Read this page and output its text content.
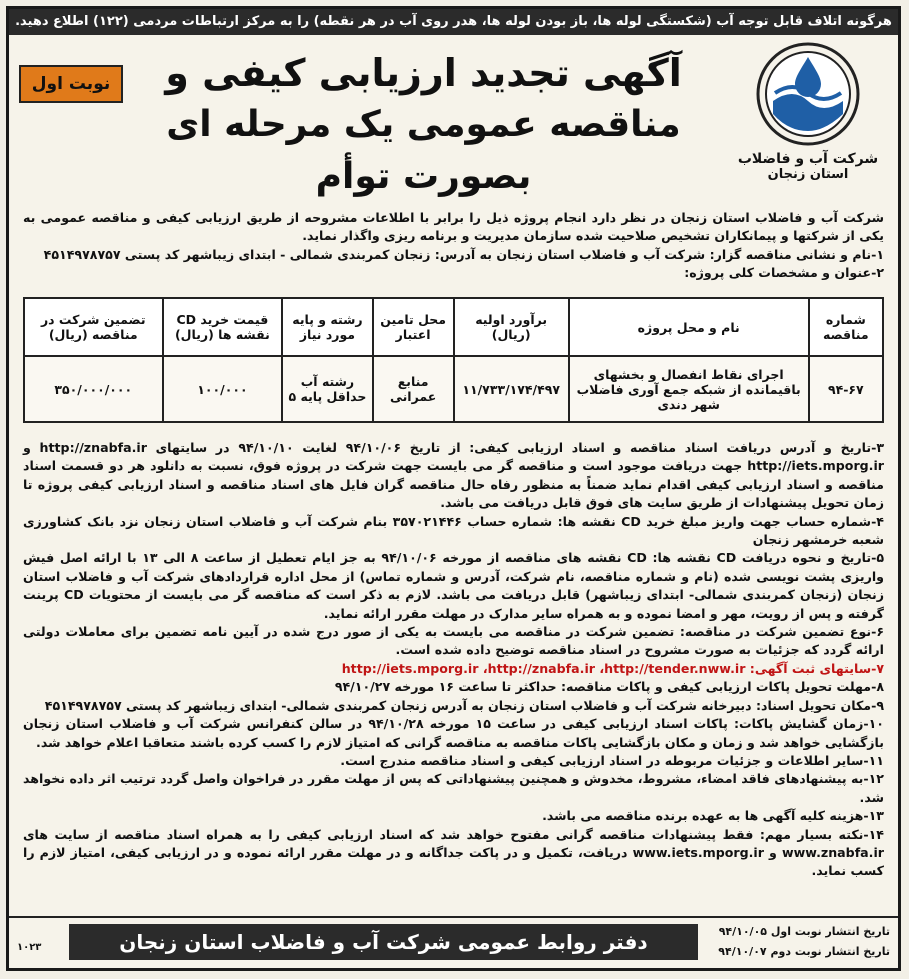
هرگونه اتلاف قابل توجه آب (شکستگی لوله ها، باز بودن لوله ها، هدر روی آب در هر نقطه) را به مرکز ارتباطات مردمی (۱۲۲) اطلاع دهید.
شرکت آب و فاضلاب
استان زنجان
نوبت اول	آگهی تجدید ارزیابی کیفی و
مناقصه عمومی یک مرحله ای بصورت توأم
شرکت آب و فاضلاب استان زنجان در نظر دارد انجام پروژه ذیل را برابر با اطلاعات مشروحه از طریق ارزیابی کیفی و مناقصه عمومی به یکی از شرکتها و پیمانکاران تشخیص صلاحیت شده سازمان مدیریت و برنامه ریزی واگذار نماید.
۱-نام و نشانی مناقصه گزار: شرکت آب و فاضلاب استان زنجان به آدرس: زنجان کمربندی شمالی - ابتدای زیباشهر کد پستی ۴۵۱۴۹۷۸۷۵۷
۲-عنوان و مشخصات کلی پروژه:
شماره مناقصه	نام و محل پروژه	برآورد اولیه (ریال)	محل تامین اعتبار	رشته و پایه مورد نیاز	قیمت خرید CD نقشه ها (ریال)	تضمین شرکت در مناقصه (ریال)
۹۴-۶۷	اجرای نقاط انفصال و بخشهای باقیمانده از شبکه جمع آوری فاضلاب شهر دندی	۱۱/۷۳۳/۱۷۴/۴۹۷	منابع عمرانی	رشته آب حداقل پایه ۵	۱۰۰/۰۰۰	۳۵۰/۰۰۰/۰۰۰

۳-تاریخ و آدرس دریافت اسناد مناقصه و اسناد ارزیابی کیفی: از تاریخ ۹۴/۱۰/۰۶ لغایت ۹۴/۱۰/۱۰ در سایتهای http://znabfa.ir و http://iets.mporg.ir جهت دریافت موجود است و مناقصه گر می بایست جهت شرکت در پروژه فوق، نسبت به دانلود هر دو قسمت اسناد مناقصه و اسناد ارزیابی کیفی اقدام نماید ضمناً به منظور رفاه حال مناقصه گران فایل های اسناد مناقصه و اسناد ارزیابی کیفی پروژه تا زمان تحویل پیشنهادات از طریق سایت های فوق قابل دریافت می باشد.

۴-شماره حساب جهت واریز مبلغ خرید CD نقشه ها: شماره حساب ۳۵۷۰۲۱۴۴۶ بنام شرکت آب و فاضلاب استان زنجان نزد بانک کشاورزی شعبه خرمشهر زنجان

۵-تاریخ و نحوه دریافت CD نقشه ها: CD نقشه های مناقصه از مورخه ۹۴/۱۰/۰۶ به جز ایام تعطیل از ساعت ۸ الی ۱۳ با ارائه اصل فیش واریزی پشت نویسی شده (نام و شماره مناقصه، نام شرکت، آدرس و شماره تماس) از محل اداره قراردادهای شرکت آب و فاضلاب استان زنجان (زنجان کمربندی شمالی- ابتدای زیباشهر) قابل دریافت می باشد. لازم به ذکر است که مناقصه گر می بایست از محتویات CD پرینت گرفته و پس از رویت، مهر و امضا نموده و به همراه سایر مدارک در مهلت مقرر ارائه نماید.

۶-نوع تضمین شرکت در مناقصه: تضمین شرکت در مناقصه می بایست به یکی از صور درج شده در آیین نامه تضمین برای معاملات دولتی ارائه گردد که جزئیات به صورت مشروح در اسناد مناقصه توضیح داده شده است.

۷-سایتهای ثبت آگهی: http://iets.mporg.ir ،http://znabfa.ir ،http://tender.nww.ir

۸-مهلت تحویل پاکات ارزیابی کیفی و پاکات مناقصه: حداکثر تا ساعت ۱۶ مورخه ۹۴/۱۰/۲۷

۹-مکان تحویل اسناد: دبیرخانه شرکت آب و فاضلاب استان زنجان به آدرس زنجان کمربندی شمالی- ابتدای زیباشهر کد پستی ۴۵۱۴۹۷۸۷۵۷

۱۰-زمان گشایش پاکات: پاکات اسناد ارزیابی کیفی در ساعت ۱۵ مورخه ۹۴/۱۰/۲۸ در سالن کنفرانس شرکت آب و فاضلاب استان زنجان بازگشایی خواهد شد و زمان و مکان بازگشایی پاکات مناقصه به مناقصه گرانی که امتیاز لازم را کسب کرده باشند متعاقبا اعلام خواهد شد.

۱۱-سایر اطلاعات و جزئیات مربوطه در اسناد ارزیابی کیفی و اسناد مناقصه مندرج است.

۱۲-به پیشنهادهای فاقد امضاء، مشروط، مخدوش و همچنین پیشنهاداتی که پس از مهلت مقرر در فراخوان واصل گردد ترتیب اثر داده نخواهد شد.

۱۳-هزینه کلیه آگهی ها به عهده برنده مناقصه می باشد.

۱۴-نکته بسیار مهم: فقط پیشنهادات مناقصه گرانی مفتوح خواهد شد که اسناد ارزیابی کیفی را به همراه اسناد مناقصه از سایت های www.znabfa.ir و www.iets.mporg.ir دریافت، تکمیل و در پاکت جداگانه و در مهلت مقرر ارائه نموده و در ارزیابی کیفی، امتیاز لازم را کسب نماید.

تاریخ انتشار نوبت اول ۹۴/۱۰/۰۵
تاریخ انتشار نوبت دوم ۹۴/۱۰/۰۷
دفتر روابط عمومی شرکت آب و فاضلاب استان زنجان
۱۰۲۳
